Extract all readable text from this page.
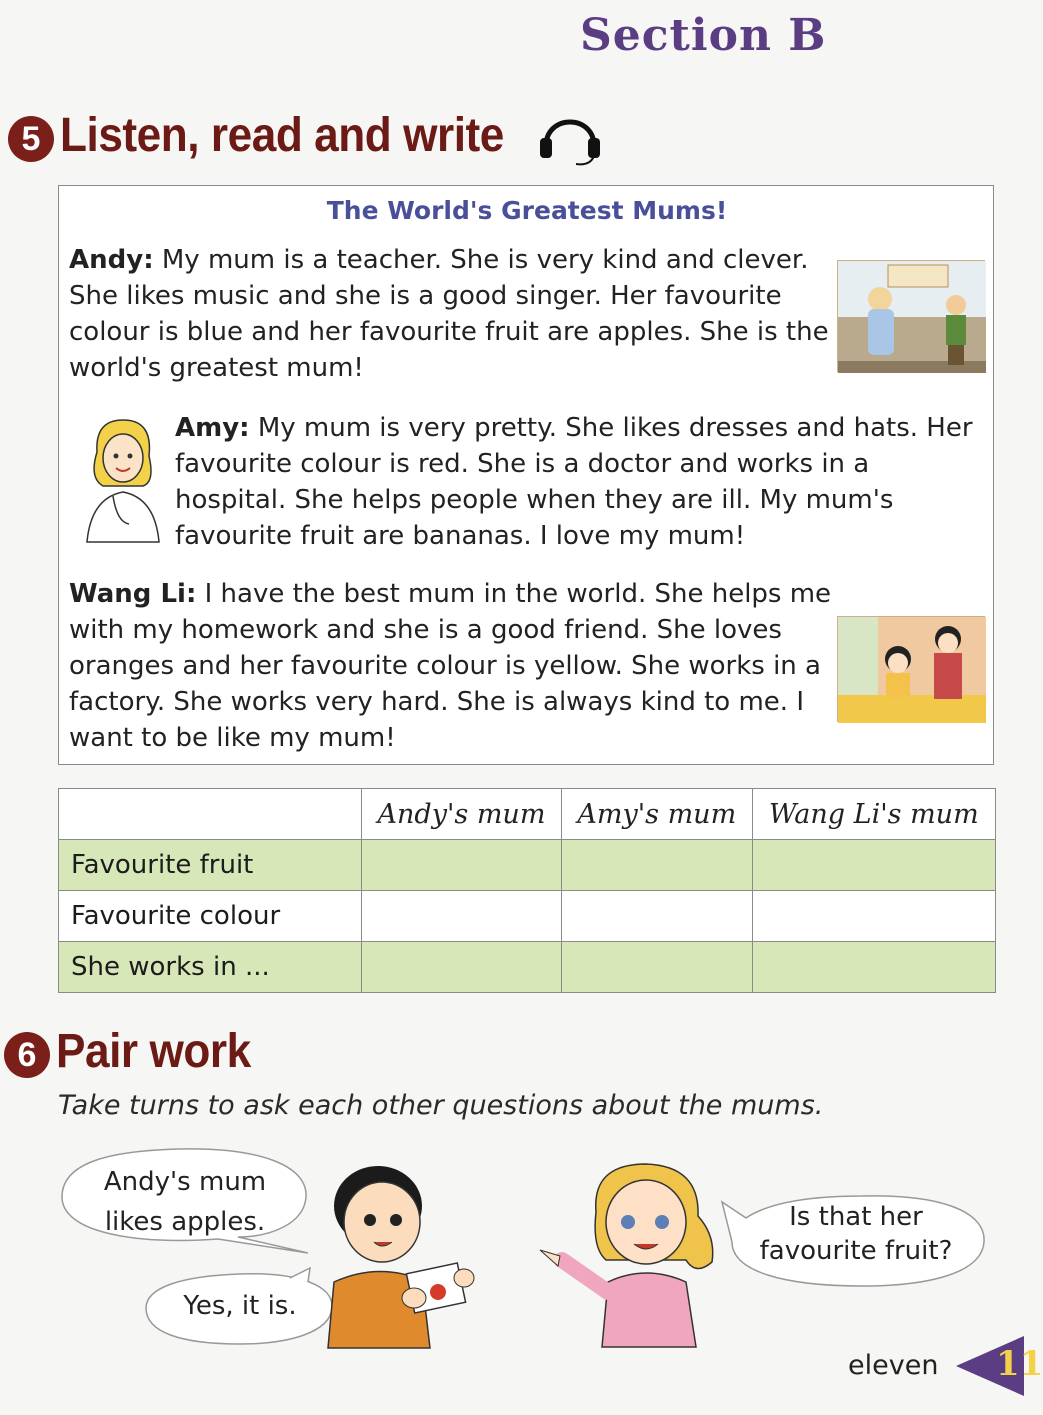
Section B
5 Listen, read and write
The World's Greatest Mums!
Andy: My mum is a teacher. She is very kind and clever. She likes music and she is a good singer. Her favourite colour is blue and her favourite fruit are apples. She is the world's greatest mum!
Amy: My mum is very pretty. She likes dresses and hats. Her favourite colour is red. She is a doctor and works in a hospital. She helps people when they are ill. My mum's favourite fruit are bananas. I love my mum!
Wang Li: I have the best mum in the world. She helps me with my homework and she is a good friend. She loves oranges and her favourite colour is yellow. She works in a factory. She works very hard. She is always kind to me. I want to be like my mum!
	Andy's mum	Amy's mum	Wang Li's mum
Favourite fruit			
Favourite colour			
She works in ...			
6 Pair work
Take turns to ask each other questions about the mums.
Andy's mum
likes apples.
Yes, it is.
Is that her
favourite fruit?
eleven 11
